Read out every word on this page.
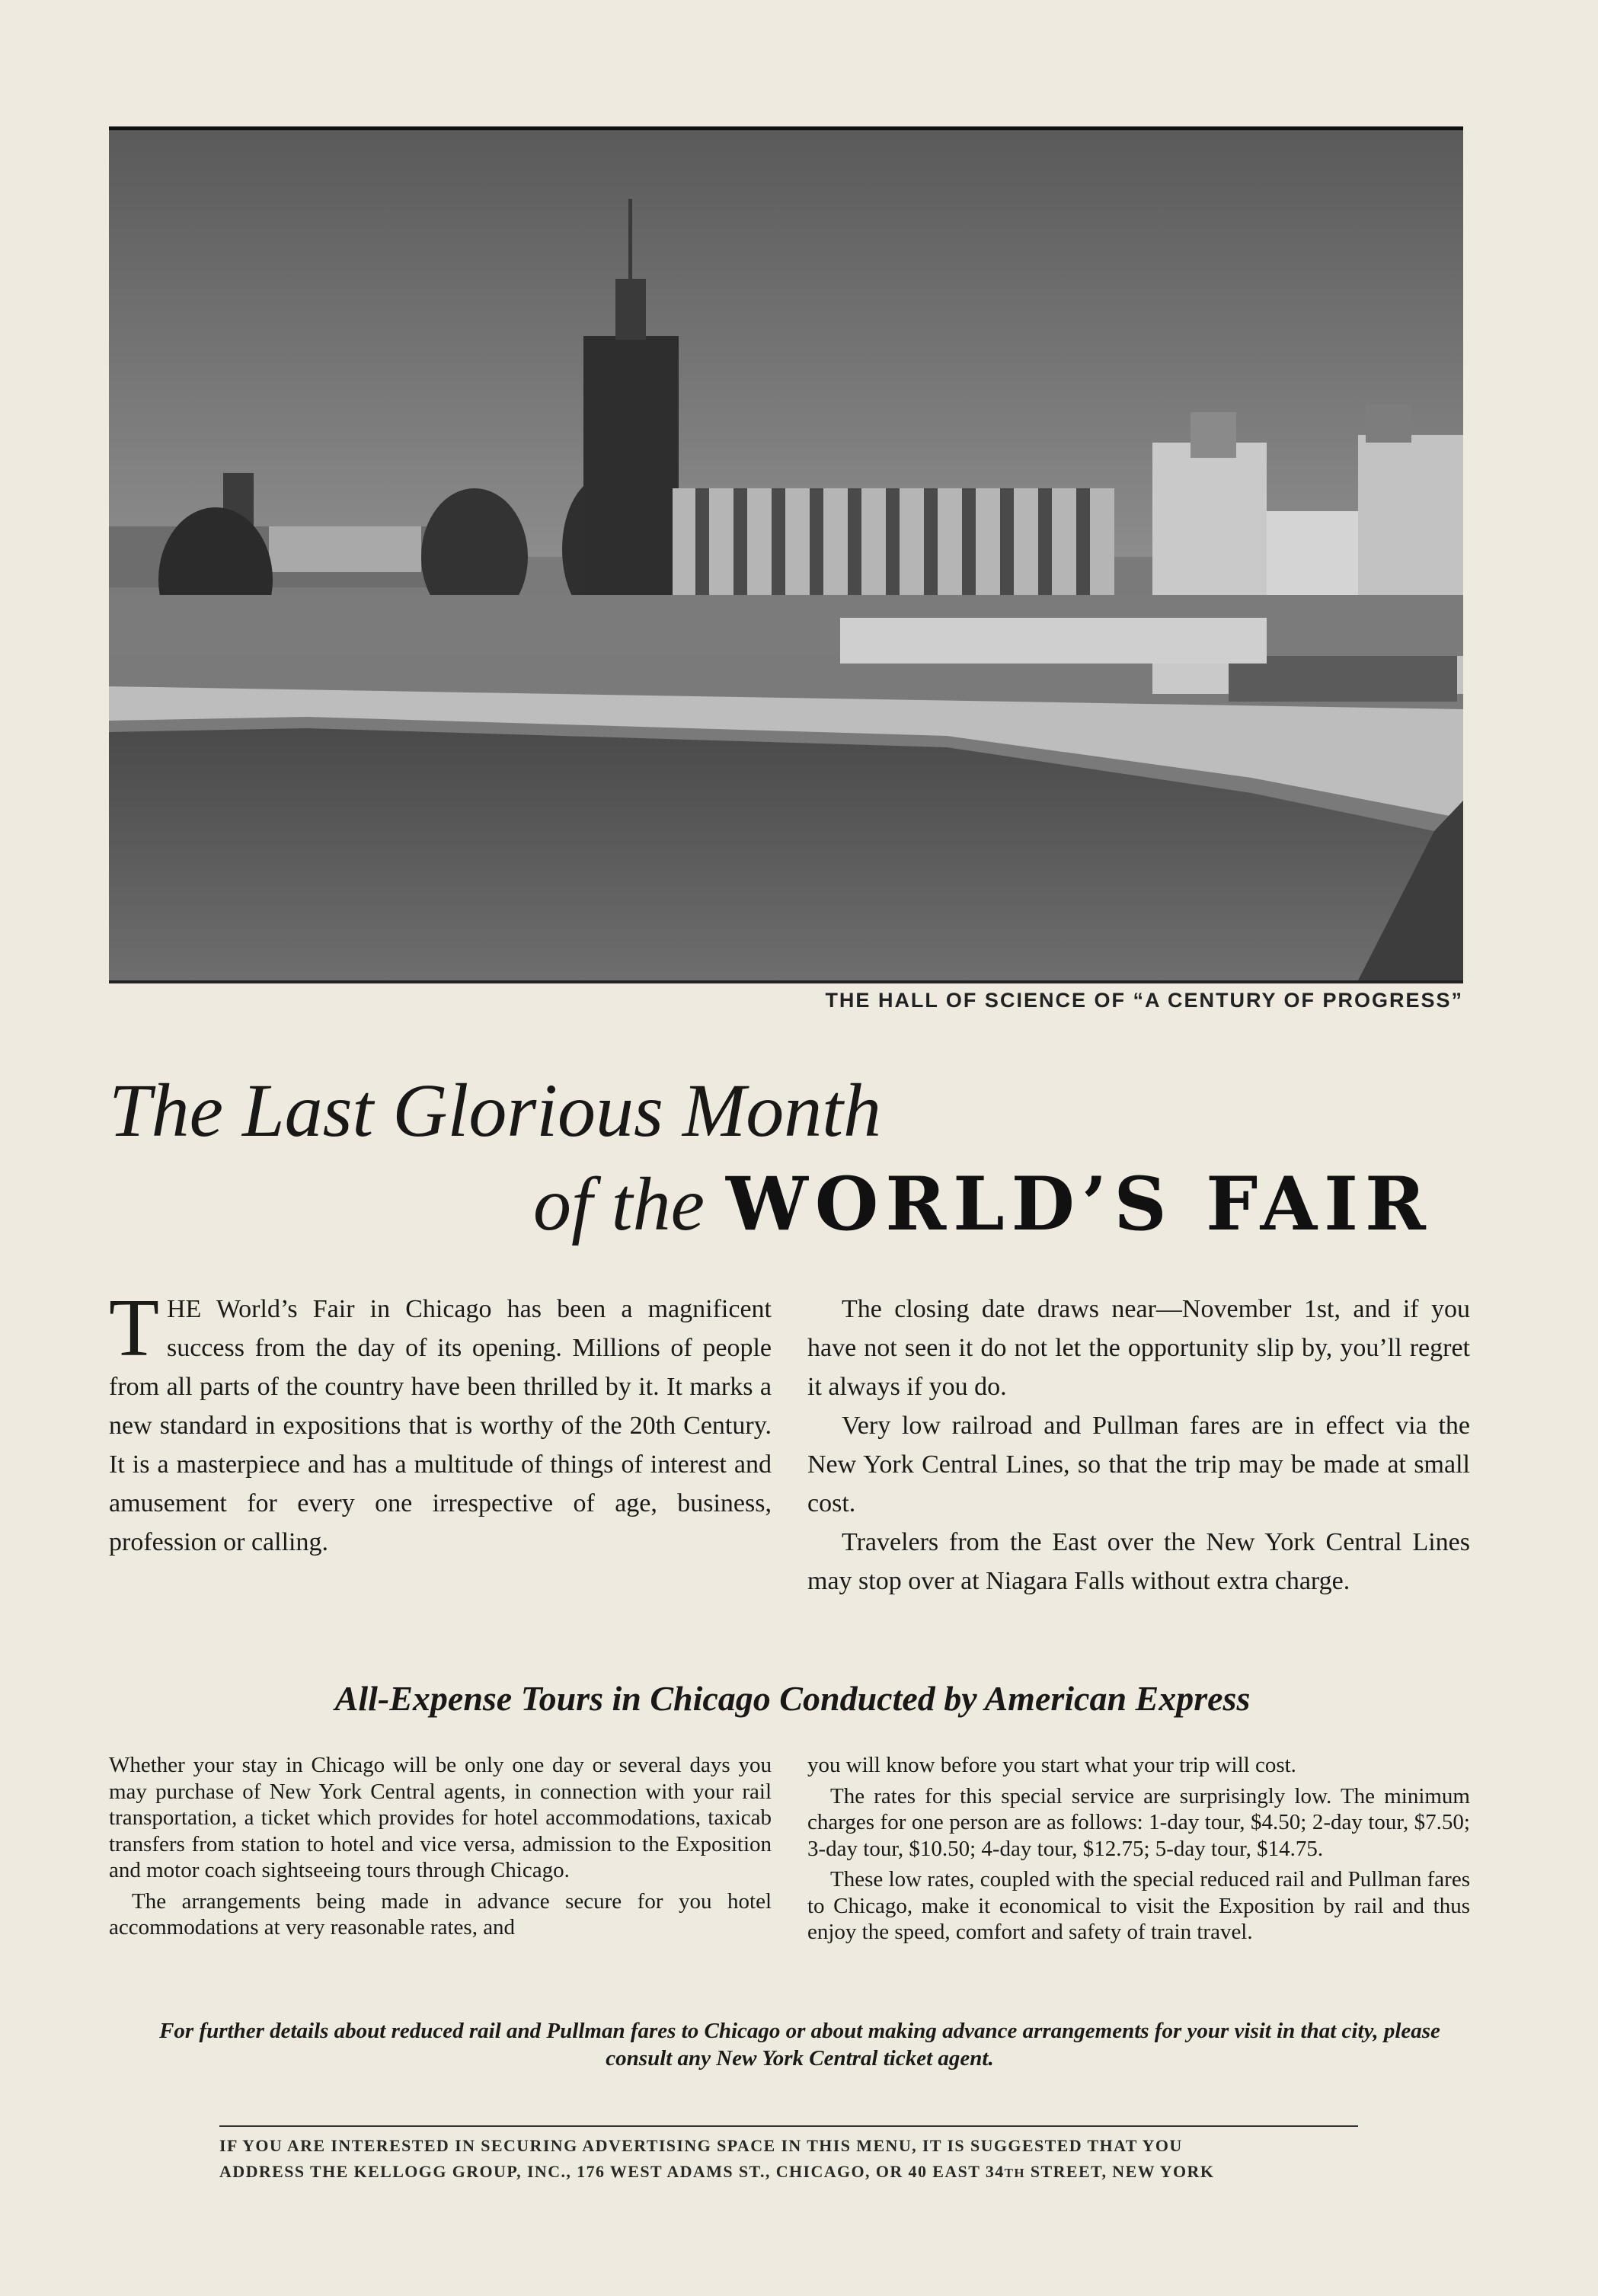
THE HALL OF SCIENCE OF “A CENTURY OF PROGRESS”
The Last Glorious Month
of the WORLD’S FAIR

THE World’s Fair in Chicago has been a magnificent success from the day of its opening. Millions of people from all parts of the country have been thrilled by it. It marks a new standard in expositions that is worthy of the 20th Century. It is a masterpiece and has a multitude of things of interest and amusement for every one irrespective of age, business, profession or calling.

The closing date draws near—November 1st, and if you have not seen it do not let the opportunity slip by, you’ll regret it always if you do.

Very low railroad and Pullman fares are in effect via the New York Central Lines, so that the trip may be made at small cost.

Travelers from the East over the New York Central Lines may stop over at Niagara Falls without extra charge.

All-Expense Tours in Chicago Conducted by American Express

Whether your stay in Chicago will be only one day or several days you may purchase of New York Central agents, in connection with your rail transportation, a ticket which provides for hotel accommodations, taxicab transfers from station to hotel and vice versa, admission to the Exposition and motor coach sightseeing tours through Chicago.

The arrangements being made in advance secure for you hotel accommodations at very reasonable rates, and

you will know before you start what your trip will cost.

The rates for this special service are surprisingly low. The minimum charges for one person are as follows: 1-day tour, $4.50; 2-day tour, $7.50; 3-day tour, $10.50; 4-day tour, $12.75; 5-day tour, $14.75.

These low rates, coupled with the special reduced rail and Pullman fares to Chicago, make it economical to visit the Exposition by rail and thus enjoy the speed, comfort and safety of train travel.

For further details about reduced rail and Pullman fares to Chicago or about making advance arrangements for your visit in that city, please consult any New York Central ticket agent.
IF YOU ARE INTERESTED IN SECURING ADVERTISING SPACE IN THIS MENU, IT IS SUGGESTED THAT YOU
ADDRESS THE KELLOGG GROUP, INC., 176 WEST ADAMS ST., CHICAGO, OR 40 EAST 34TH STREET, NEW YORK
